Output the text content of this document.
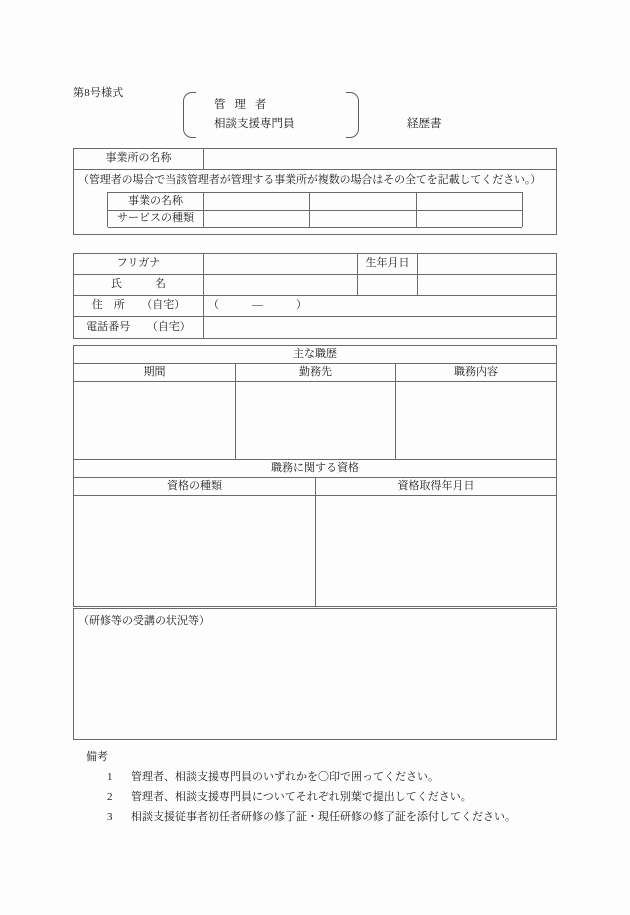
第8号様式
管 理 者
相談支援専門員	経歴書
事業所の名称
（管理者の場合で当該管理者が管理する事業所が複数の場合はその全てを記載してください。）
事業の名称
サービスの種類
フリガナ	生年月日
氏　　　名
住　所　　（自宅）	（　　　―　　　）
電話番号　　（自宅）
主な職歴
期間	勤務先	職務内容
職務に関する資格
資格の種類	資格取得年月日
（研修等の受講の状況等）
備考
1	管理者、相談支援専門員のいずれかを〇印で囲ってください。
2	管理者、相談支援専門員についてそれぞれ別葉で提出してください。
3	相談支援従事者初任者研修の修了証・現任研修の修了証を添付してください。
